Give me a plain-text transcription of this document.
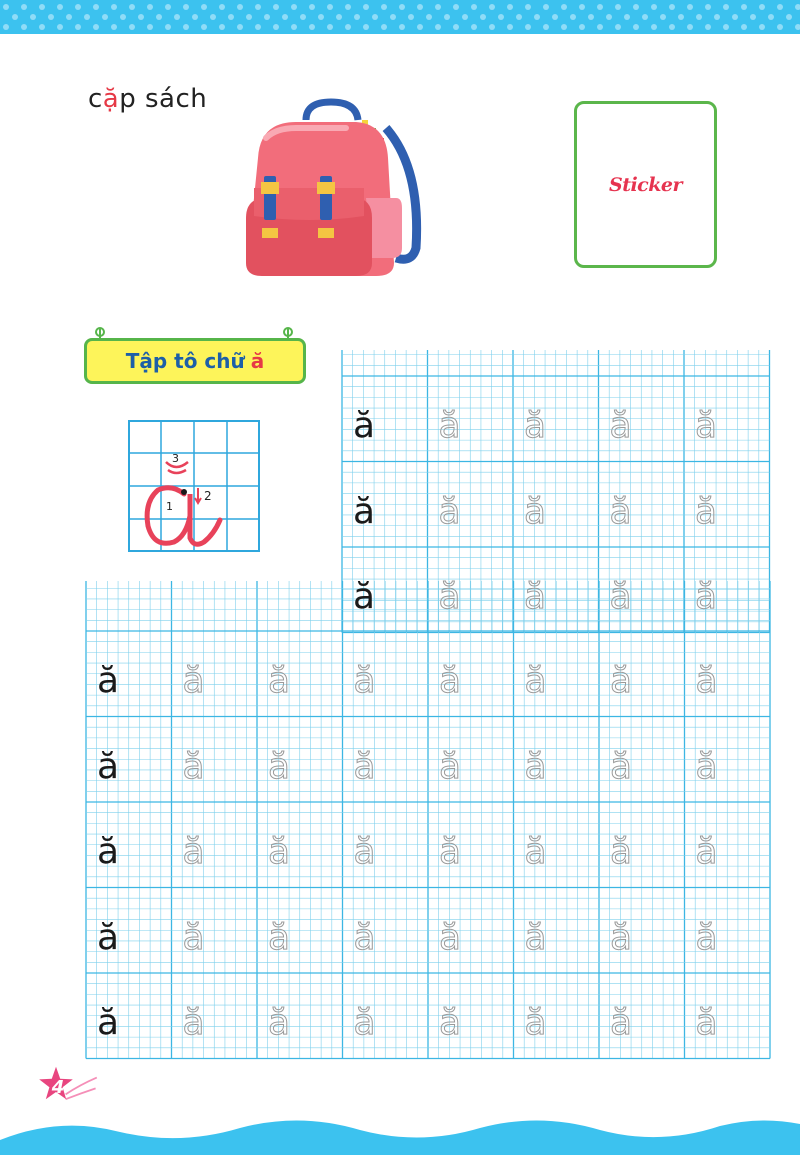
cặp sách
Sticker
Tập tô chữ ă
3
2
1
ă ă ă ă ă
ă ă ă ă ă
ă ă ă ă ă
ă ă ă ă ă ă ă ă
ă ă ă ă ă ă ă ă
ă ă ă ă ă ă ă ă
ă ă ă ă ă ă ă ă
ă ă ă ă ă ă ă ă
4
